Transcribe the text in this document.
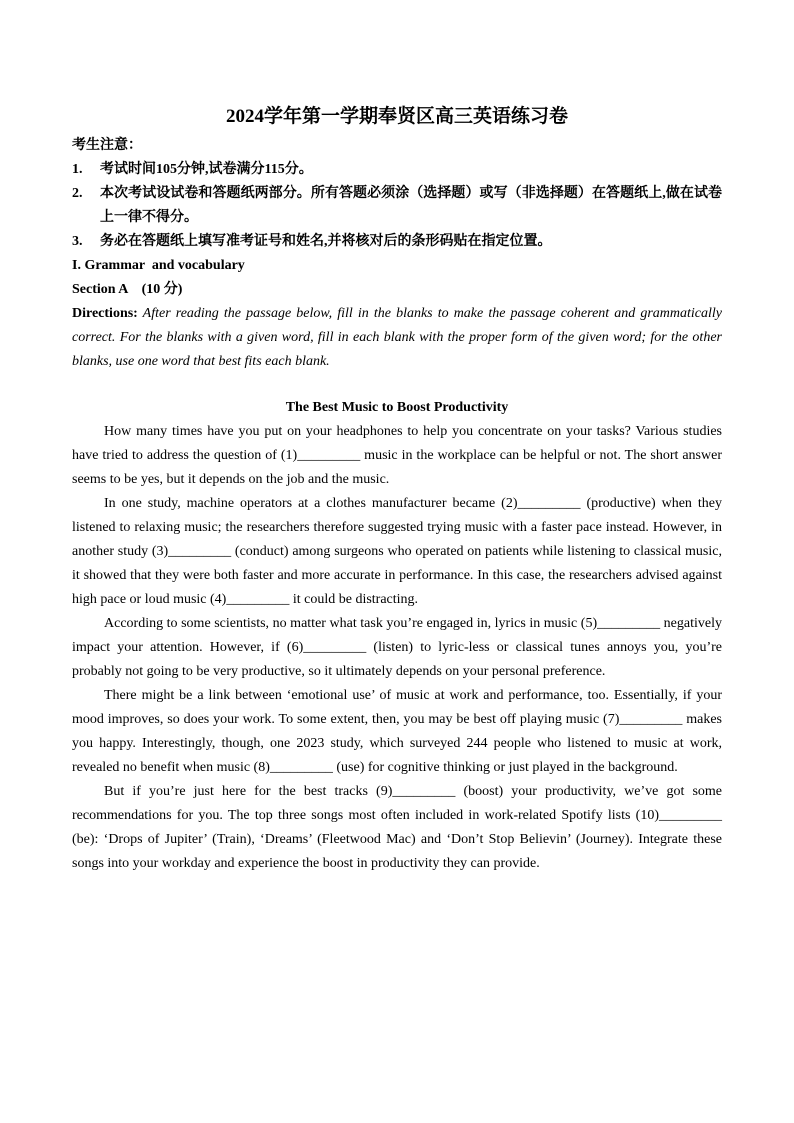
2024学年第一学期奉贤区高三英语练习卷

考生注意：

1.	考试时间105分钟,试卷满分115分。
2.	本次考试设试卷和答题纸两部分。所有答题必须涂（选择题）或写（非选择题）在答题纸上,做在试卷上一律不得分。
3.	务必在答题纸上填写准考证号和姓名,并将核对后的条形码贴在指定位置。

I. Grammar  and vocabulary

Section A    (10 分)

Directions: After reading the passage below, fill in the blanks to make the passage coherent and grammatically correct. For the blanks with a given word, fill in each blank with the proper form of the given word; for the other blanks, use one word that best fits each blank.

The Best Music to Boost Productivity

How many times have you put on your headphones to help you concentrate on your tasks? Various studies have tried to address the question of (1)_________ music in the workplace can be helpful or not. The short answer seems to be yes, but it depends on the job and the music.

In one study, machine operators at a clothes manufacturer became (2)_________ (productive) when they listened to relaxing music; the researchers therefore suggested trying music with a faster pace instead. However, in another study (3)_________ (conduct) among surgeons who operated on patients while listening to classical music, it showed that they were both faster and more accurate in performance. In this case, the researchers advised against high pace or loud music (4)_________ it could be distracting.

According to some scientists, no matter what task you’re engaged in, lyrics in music (5)_________ negatively impact your attention. However, if (6)_________ (listen) to lyric-less or classical tunes annoys you, you’re probably not going to be very productive, so it ultimately depends on your personal preference.

There might be a link between ‘emotional use’ of music at work and performance, too. Essentially, if your mood improves, so does your work. To some extent, then, you may be best off playing music (7)_________ makes you happy. Interestingly, though, one 2023 study, which surveyed 244 people who listened to music at work, revealed no benefit when music (8)_________ (use) for cognitive thinking or just played in the background.

But if you’re just here for the best tracks (9)_________ (boost) your productivity, we’ve got some recommendations for you. The top three songs most often included in work-related Spotify lists (10)_________ (be): ‘Drops of Jupiter’ (Train), ‘Dreams’ (Fleetwood Mac) and ‘Don’t Stop Believin’ (Journey). Integrate these songs into your workday and experience the boost in productivity they can provide.
